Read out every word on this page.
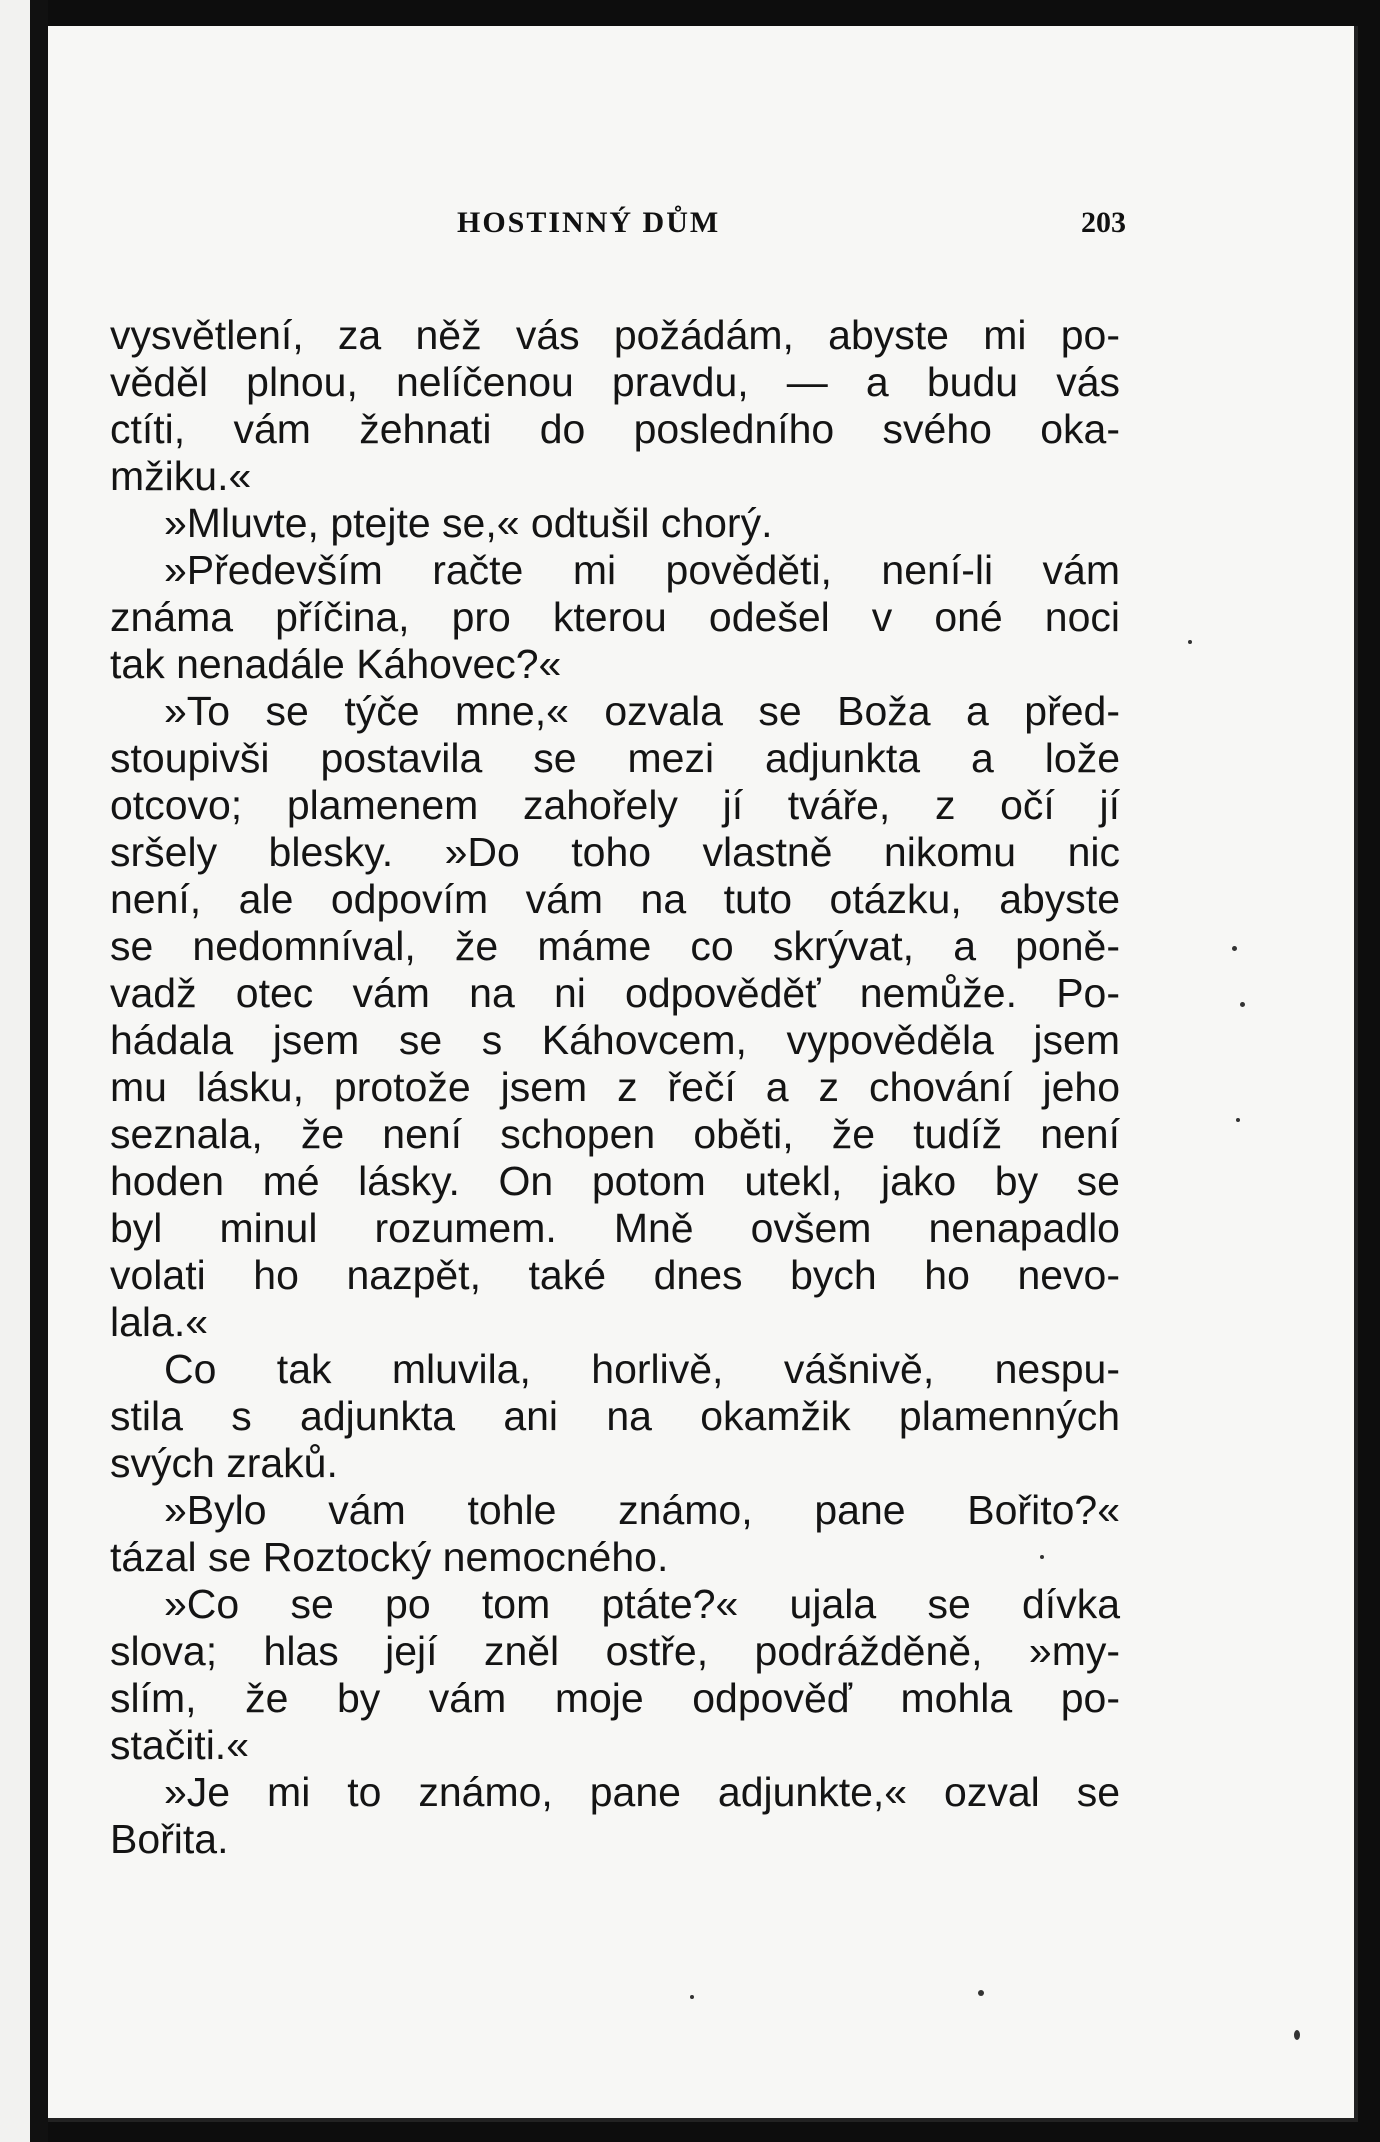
HOSTINNÝ DŮM	203
vysvětlení, za něž vás požádám, abyste mi po-
věděl plnou, nelíčenou pravdu, — a budu vás
ctíti, vám žehnati do posledního svého oka-
mžiku.«
»Mluvte, ptejte se,« odtušil chorý.
»Především račte mi pověděti, není-li vám
známa příčina, pro kterou odešel v oné noci
tak nenadále Káhovec?«
»To se týče mne,« ozvala se Boža a před-
stoupivši postavila se mezi adjunkta a lože
otcovo; plamenem zahořely jí tváře, z očí jí
sršely blesky. »Do toho vlastně nikomu nic
není, ale odpovím vám na tuto otázku, abyste
se nedomníval, že máme co skrývat, a poně-
vadž otec vám na ni odpověděť nemůže. Po-
hádala jsem se s Káhovcem, vypověděla jsem
mu lásku, protože jsem z řečí a z chování jeho
seznala, že není schopen oběti, že tudíž není
hoden mé lásky. On potom utekl, jako by se
byl minul rozumem. Mně ovšem nenapadlo
volati ho nazpět, také dnes bych ho nevo-
lala.«
Co tak mluvila, horlivě, vášnivě, nespu-
stila s adjunkta ani na okamžik plamenných
svých zraků.
»Bylo vám tohle známo, pane Bořito?«
tázal se Roztocký nemocného.
»Co se po tom ptáte?« ujala se dívka
slova; hlas její zněl ostře, podrážděně, »my-
slím, že by vám moje odpověď mohla po-
stačiti.«
»Je mi to známo, pane adjunkte,« ozval se
Bořita.
